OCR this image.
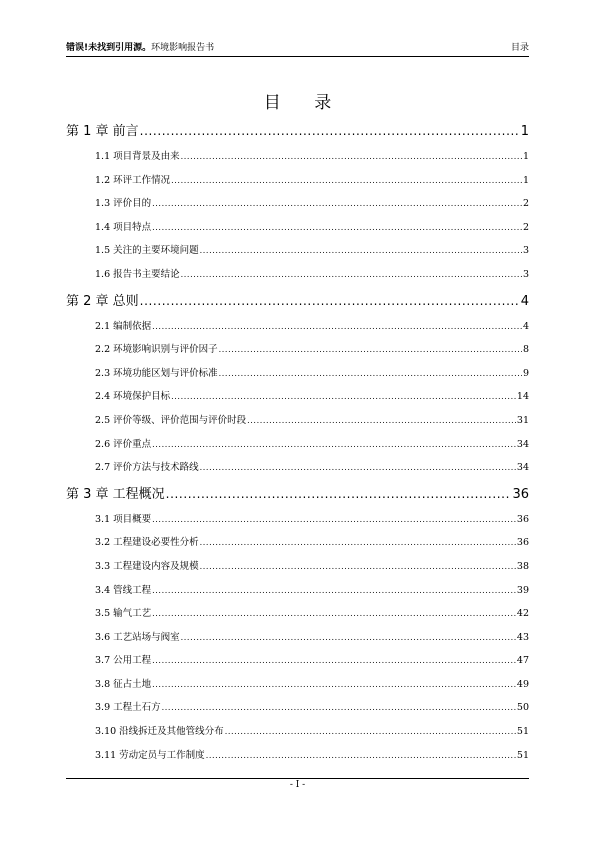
错误!未找到引用源。环境影响报告书	目录
目 录
第 1 章 前言 .....	1
1.1 项目背景及由来 .....	1
1.2 环评工作情况 .....	1
1.3 评价目的 .....	2
1.4 项目特点 .....	2
1.5 关注的主要环境问题 .....	3
1.6 报告书主要结论 .....	3
第 2 章 总则 .....	4
2.1 编制依据 .....	4
2.2 环境影响识别与评价因子 .....	8
2.3 环境功能区划与评价标准 .....	9
2.4 环境保护目标 .....	14
2.5 评价等级、评价范围与评价时段 .....	31
2.6 评价重点 .....	34
2.7 评价方法与技术路线 .....	34
第 3 章 工程概况 .....	36
3.1 项目概要 .....	36
3.2 工程建设必要性分析 .....	36
3.3 工程建设内容及规模 .....	38
3.4 管线工程 .....	39
3.5 输气工艺 .....	42
3.6 工艺站场与阀室 .....	43
3.7 公用工程 .....	47
3.8 征占土地 .....	49
3.9 工程土石方 .....	50
3.10 沿线拆迁及其他管线分布 .....	51
3.11 劳动定员与工作制度 .....	51
- I -
